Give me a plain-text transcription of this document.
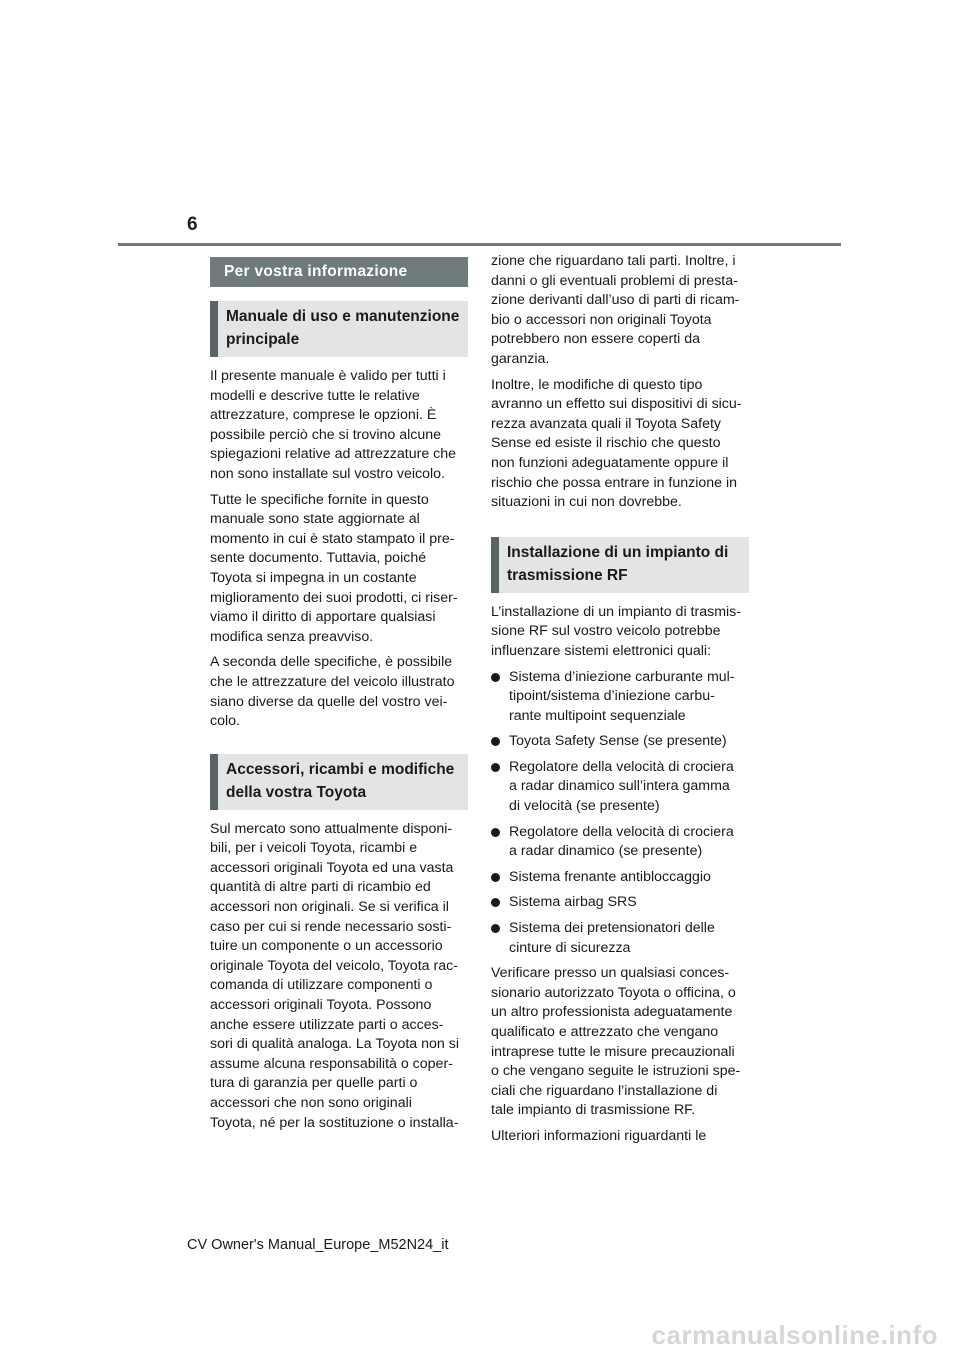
6
Per vostra informazione
Manuale di uso e manutenzione
principale

Il presente manuale è valido per tutti i
modelli e descrive tutte le relative
attrezzature, comprese le opzioni. È
possibile perciò che si trovino alcune
spiegazioni relative ad attrezzature che
non sono installate sul vostro veicolo.

Tutte le specifiche fornite in questo
manuale sono state aggiornate al
momento in cui è stato stampato il pre-
sente documento. Tuttavia, poiché
Toyota si impegna in un costante
miglioramento dei suoi prodotti, ci riser-
viamo il diritto di apportare qualsiasi
modifica senza preavviso.

A seconda delle specifiche, è possibile
che le attrezzature del veicolo illustrato
siano diverse da quelle del vostro vei-
colo.

Accessori, ricambi e modifiche
della vostra Toyota

Sul mercato sono attualmente disponi-
bili, per i veicoli Toyota, ricambi e
accessori originali Toyota ed una vasta
quantità di altre parti di ricambio ed
accessori non originali. Se si verifica il
caso per cui si rende necessario sosti-
tuire un componente o un accessorio
originale Toyota del veicolo, Toyota rac-
comanda di utilizzare componenti o
accessori originali Toyota. Possono
anche essere utilizzate parti o acces-
sori di qualità analoga. La Toyota non si
assume alcuna responsabilità o coper-
tura di garanzia per quelle parti o
accessori che non sono originali
Toyota, né per la sostituzione o installa-

zione che riguardano tali parti. Inoltre, i
danni o gli eventuali problemi di presta-
zione derivanti dall’uso di parti di ricam-
bio o accessori non originali Toyota
potrebbero non essere coperti da
garanzia.

Inoltre, le modifiche di questo tipo
avranno un effetto sui dispositivi di sicu-
rezza avanzata quali il Toyota Safety
Sense ed esiste il rischio che questo
non funzioni adeguatamente oppure il
rischio che possa entrare in funzione in
situazioni in cui non dovrebbe.

Installazione di un impianto di
trasmissione RF

L’installazione di un impianto di trasmis-
sione RF sul vostro veicolo potrebbe
influenzare sistemi elettronici quali:

Sistema d’iniezione carburante mul-
tipoint/sistema d’iniezione carbu-
rante multipoint sequenziale
Toyota Safety Sense (se presente)
Regolatore della velocità di crociera
a radar dinamico sull’intera gamma
di velocità (se presente)
Regolatore della velocità di crociera
a radar dinamico (se presente)
Sistema frenante antibloccaggio
Sistema airbag SRS
Sistema dei pretensionatori delle
cinture di sicurezza

Verificare presso un qualsiasi conces-
sionario autorizzato Toyota o officina, o
un altro professionista adeguatamente
qualificato e attrezzato che vengano
intraprese tutte le misure precauzionali
o che vengano seguite le istruzioni spe-
ciali che riguardano l’installazione di
tale impianto di trasmissione RF.

Ulteriori informazioni riguardanti le

CV Owner's Manual_Europe_M52N24_it
carmanualsonline.info
